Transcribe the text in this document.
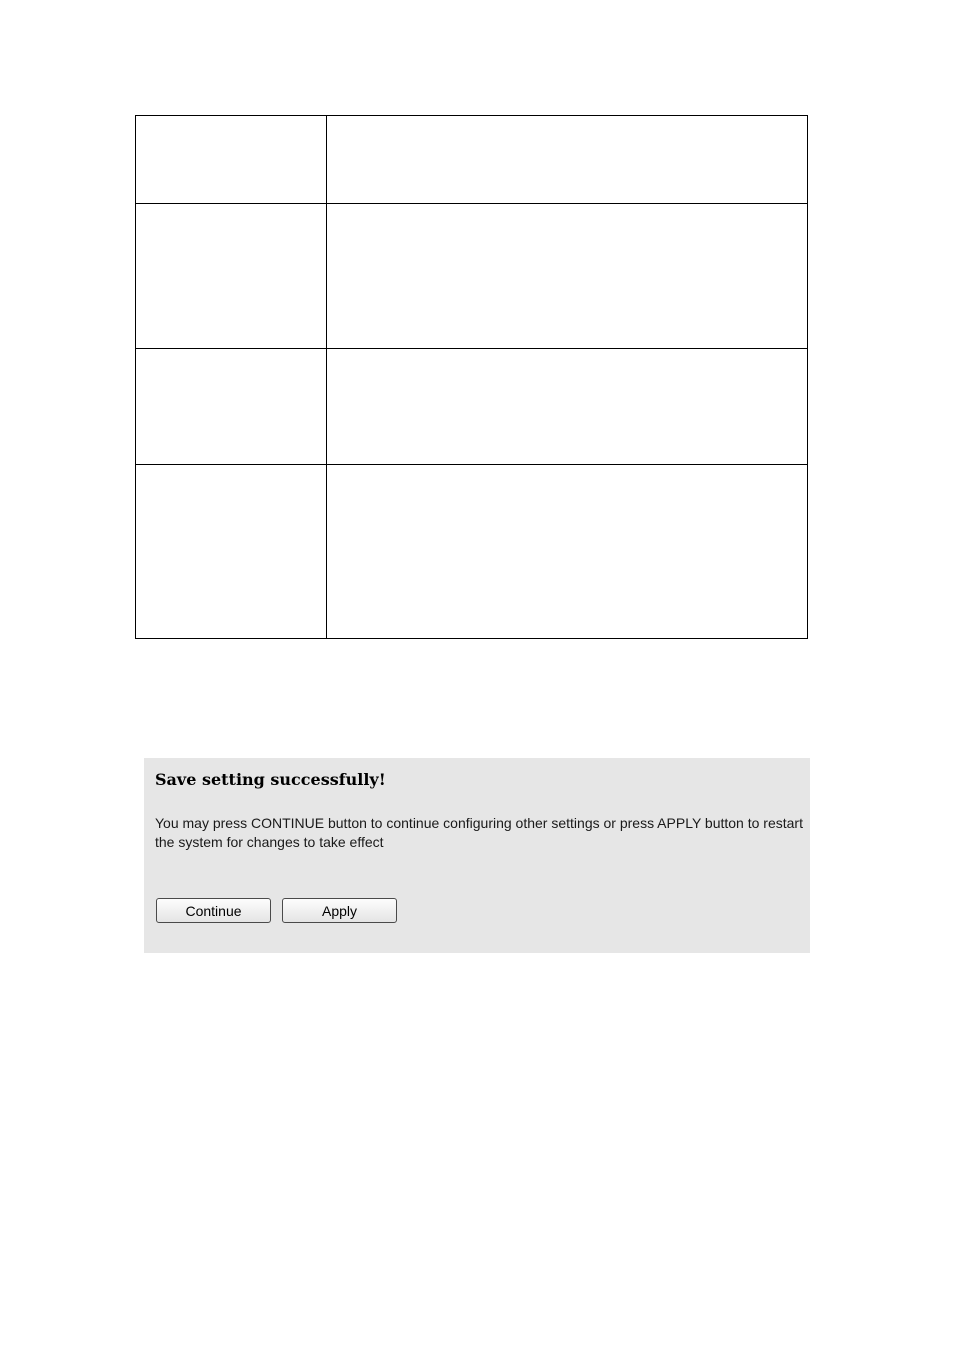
Save setting successfully!

You may press CONTINUE button to continue configuring other settings or press APPLY button to restart the system for changes to take effect

Continue	Apply
